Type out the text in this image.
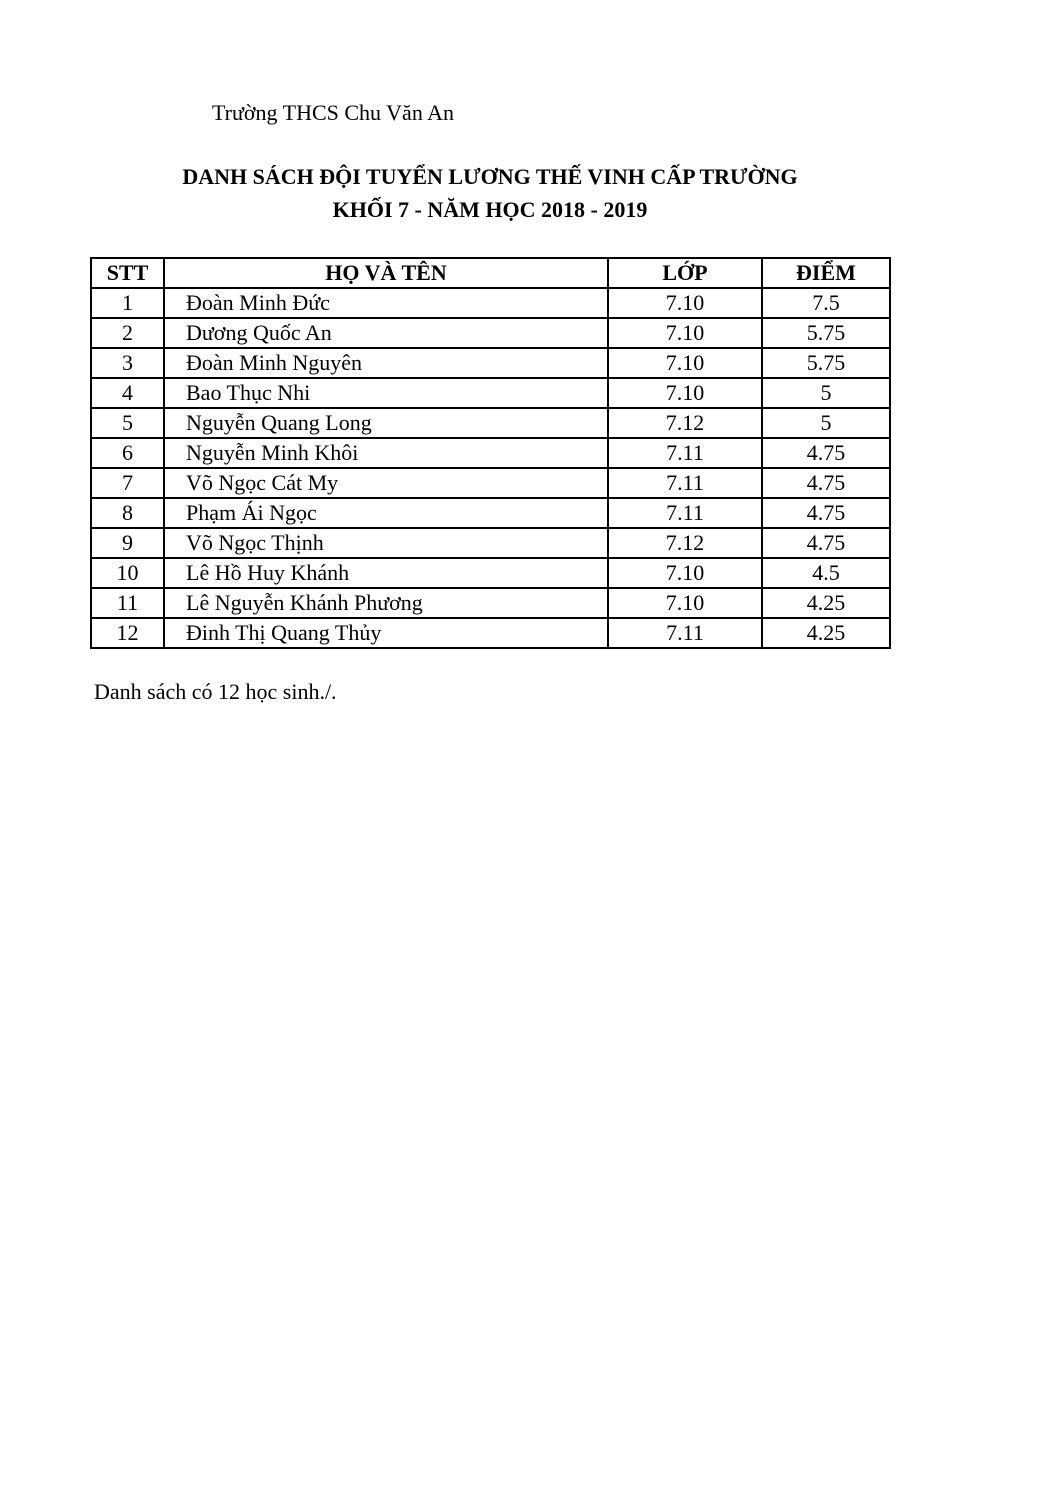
Trường THCS Chu Văn An
DANH SÁCH ĐỘI TUYỂN LƯƠNG THẾ VINH CẤP TRƯỜNG
KHỐI 7 - NĂM HỌC 2018 - 2019
STT	HỌ VÀ TÊN	LỚP	ĐIỂM
1	Đoàn Minh Đức	7.10	7.5
2	Dương Quốc An	7.10	5.75
3	Đoàn Minh Nguyên	7.10	5.75
4	Bao Thục Nhi	7.10	5
5	Nguyễn Quang Long	7.12	5
6	Nguyễn Minh Khôi	7.11	4.75
7	Võ Ngọc Cát My	7.11	4.75
8	Phạm Ái Ngọc	7.11	4.75
9	Võ Ngọc Thịnh	7.12	4.75
10	Lê Hồ Huy Khánh	7.10	4.5
11	Lê Nguyễn Khánh Phương	7.10	4.25
12	Đinh Thị Quang Thủy	7.11	4.25
Danh sách có 12 học sinh./.
